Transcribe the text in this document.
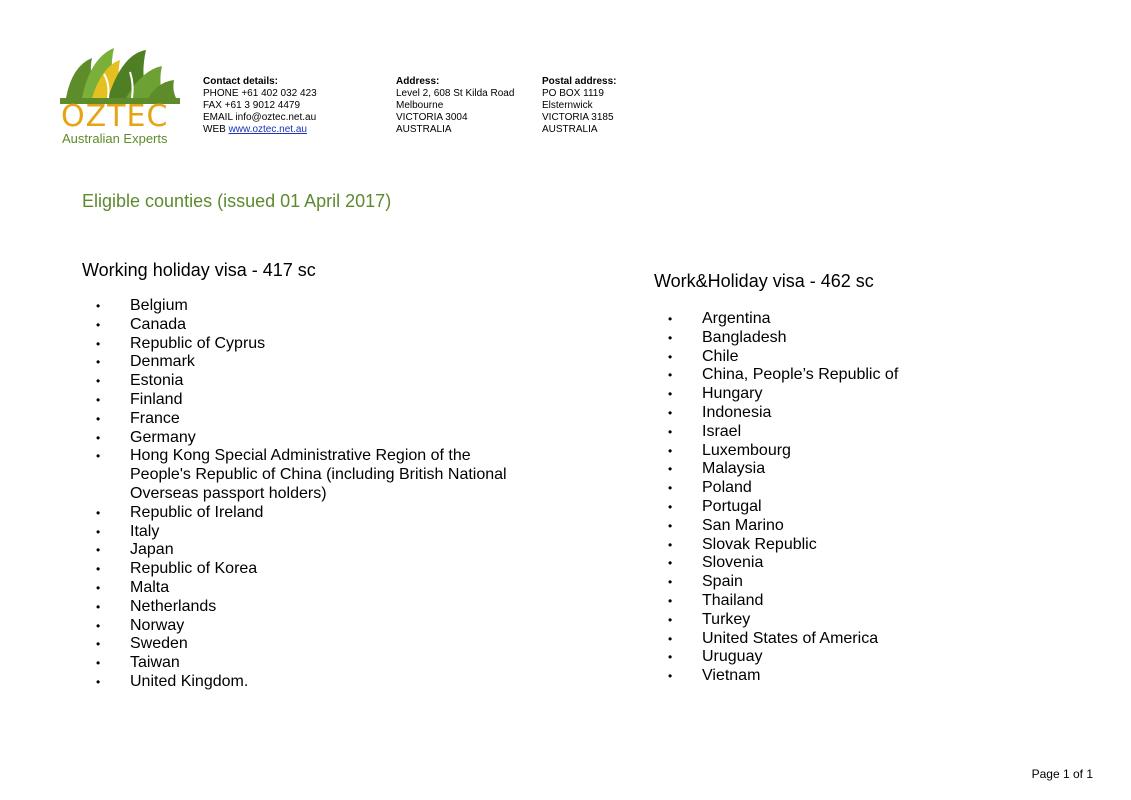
OZTEC
Australian Experts
Contact details:
PHONE +61 402 032 423
FAX +61 3 9012 4479
EMAIL info@oztec.net.au
WEB www.oztec.net.au
Address:
Level 2, 608 St Kilda Road
Melbourne
VICTORIA 3004
AUSTRALIA
Postal address:
PO BOX 1119
Elsternwick
VICTORIA 3185
AUSTRALIA
Eligible counties (issued 01 April 2017)
Working holiday visa - 417 sc
• Belgium
• Canada
• Republic of Cyprus
• Denmark
• Estonia
• Finland
• France
• Germany
• Hong Kong Special Administrative Region of the People's Republic of China (including British National Overseas passport holders)
• Republic of Ireland
• Italy
• Japan
• Republic of Korea
• Malta
• Netherlands
• Norway
• Sweden
• Taiwan
• United Kingdom.
Work&Holiday visa - 462 sc
• Argentina
• Bangladesh
• Chile
• China, People’s Republic of
• Hungary
• Indonesia
• Israel
• Luxembourg
• Malaysia
• Poland
• Portugal
• San Marino
• Slovak Republic
• Slovenia
• Spain
• Thailand
• Turkey
• United States of America
• Uruguay
• Vietnam
Page 1 of 1
